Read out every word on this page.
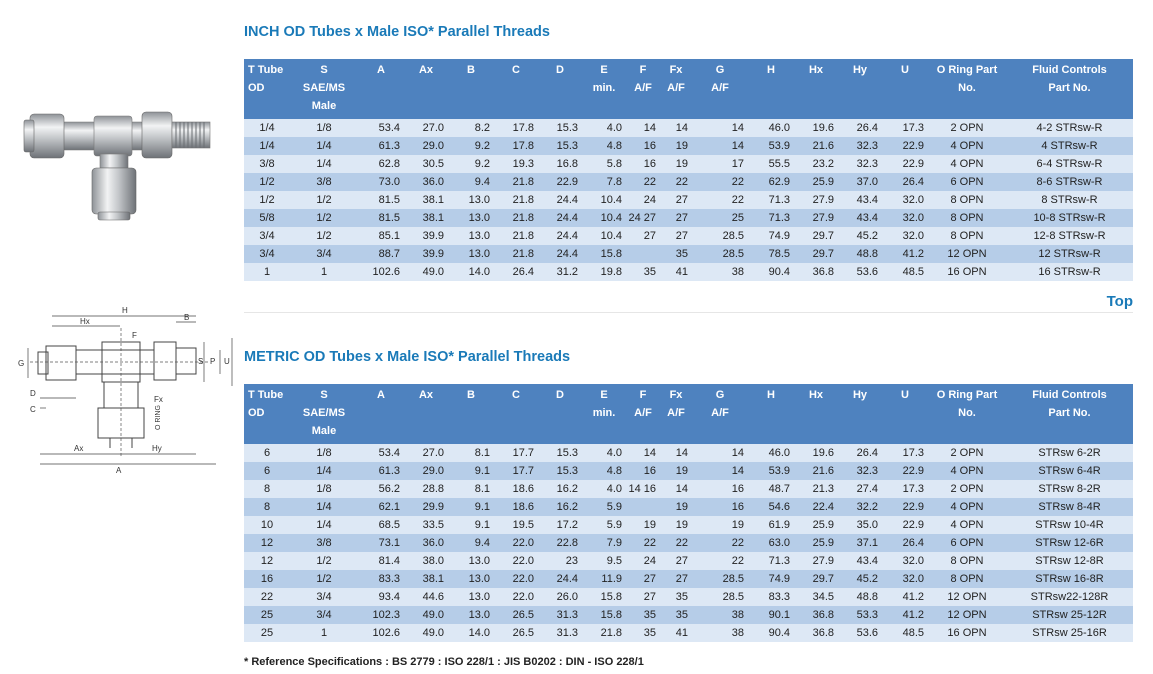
H
Hx	B
F
G
D
C
S P U
Fx
O RING
Ax	Hy
A
INCH OD Tubes x Male ISO* Parallel Threads
T Tube
OD	S
SAE/MS
Male	A	Ax	B	C	D	E
min.	F
A/F	Fx
A/F	G
A/F	H	Hx	Hy	U	O Ring Part
No.	Fluid Controls
Part No.
1/4	1/8	53.4	27.0	8.2	17.8	15.3	4.0	14	14	14	46.0	19.6	26.4	17.3	2 OPN	4-2 STRsw-R
1/4	1/4	61.3	29.0	9.2	17.8	15.3	4.8	16	19	14	53.9	21.6	32.3	22.9	4 OPN	4 STRsw-R
3/8	1/4	62.8	30.5	9.2	19.3	16.8	5.8	16	19	17	55.5	23.2	32.3	22.9	4 OPN	6-4 STRsw-R
1/2	3/8	73.0	36.0	9.4	21.8	22.9	7.8	22	22	22	62.9	25.9	37.0	26.4	6 OPN	8-6 STRsw-R
1/2	1/2	81.5	38.1	13.0	21.8	24.4	10.4	24	27	22	71.3	27.9	43.4	32.0	8 OPN	8 STRsw-R
5/8	1/2	81.5	38.1	13.0	21.8	24.4	10.4	24 27	27	25	71.3	27.9	43.4	32.0	8 OPN	10-8 STRsw-R
3/4	1/2	85.1	39.9	13.0	21.8	24.4	10.4	27	27	28.5	74.9	29.7	45.2	32.0	8 OPN	12-8 STRsw-R
3/4	3/4	88.7	39.9	13.0	21.8	24.4	15.8		35	28.5	78.5	29.7	48.8	41.2	12 OPN	12 STRsw-R
1	1	102.6	49.0	14.0	26.4	31.2	19.8	35	41	38	90.4	36.8	53.6	48.5	16 OPN	16 STRsw-R
Top
METRIC OD Tubes x Male ISO* Parallel Threads
T Tube
OD	S
SAE/MS
Male	A	Ax	B	C	D	E
min.	F
A/F	Fx
A/F	G
A/F	H	Hx	Hy	U	O Ring Part
No.	Fluid Controls
Part No.
6	1/8	53.4	27.0	8.1	17.7	15.3	4.0	14	14	14	46.0	19.6	26.4	17.3	2 OPN	STRsw 6-2R
6	1/4	61.3	29.0	9.1	17.7	15.3	4.8	16	19	14	53.9	21.6	32.3	22.9	4 OPN	STRsw 6-4R
8	1/8	56.2	28.8	8.1	18.6	16.2	4.0	14 16	14	16	48.7	21.3	27.4	17.3	2 OPN	STRsw 8-2R
8	1/4	62.1	29.9	9.1	18.6	16.2	5.9		19	16	54.6	22.4	32.2	22.9	4 OPN	STRsw 8-4R
10	1/4	68.5	33.5	9.1	19.5	17.2	5.9	19	19	19	61.9	25.9	35.0	22.9	4 OPN	STRsw 10-4R
12	3/8	73.1	36.0	9.4	22.0	22.8	7.9	22	22	22	63.0	25.9	37.1	26.4	6 OPN	STRsw 12-6R
12	1/2	81.4	38.0	13.0	22.0	23	9.5	24	27	22	71.3	27.9	43.4	32.0	8 OPN	STRsw 12-8R
16	1/2	83.3	38.1	13.0	22.0	24.4	11.9	27	27	28.5	74.9	29.7	45.2	32.0	8 OPN	STRsw 16-8R
22	3/4	93.4	44.6	13.0	22.0	26.0	15.8	27	35	28.5	83.3	34.5	48.8	41.2	12 OPN	STRsw22-128R
25	3/4	102.3	49.0	13.0	26.5	31.3	15.8	35	35	38	90.1	36.8	53.3	41.2	12 OPN	STRsw 25-12R
25	1	102.6	49.0	14.0	26.5	31.3	21.8	35	41	38	90.4	36.8	53.6	48.5	16 OPN	STRsw 25-16R
* Reference Specifications : BS 2779 : ISO 228/1 : JIS B0202 : DIN - ISO 228/1
